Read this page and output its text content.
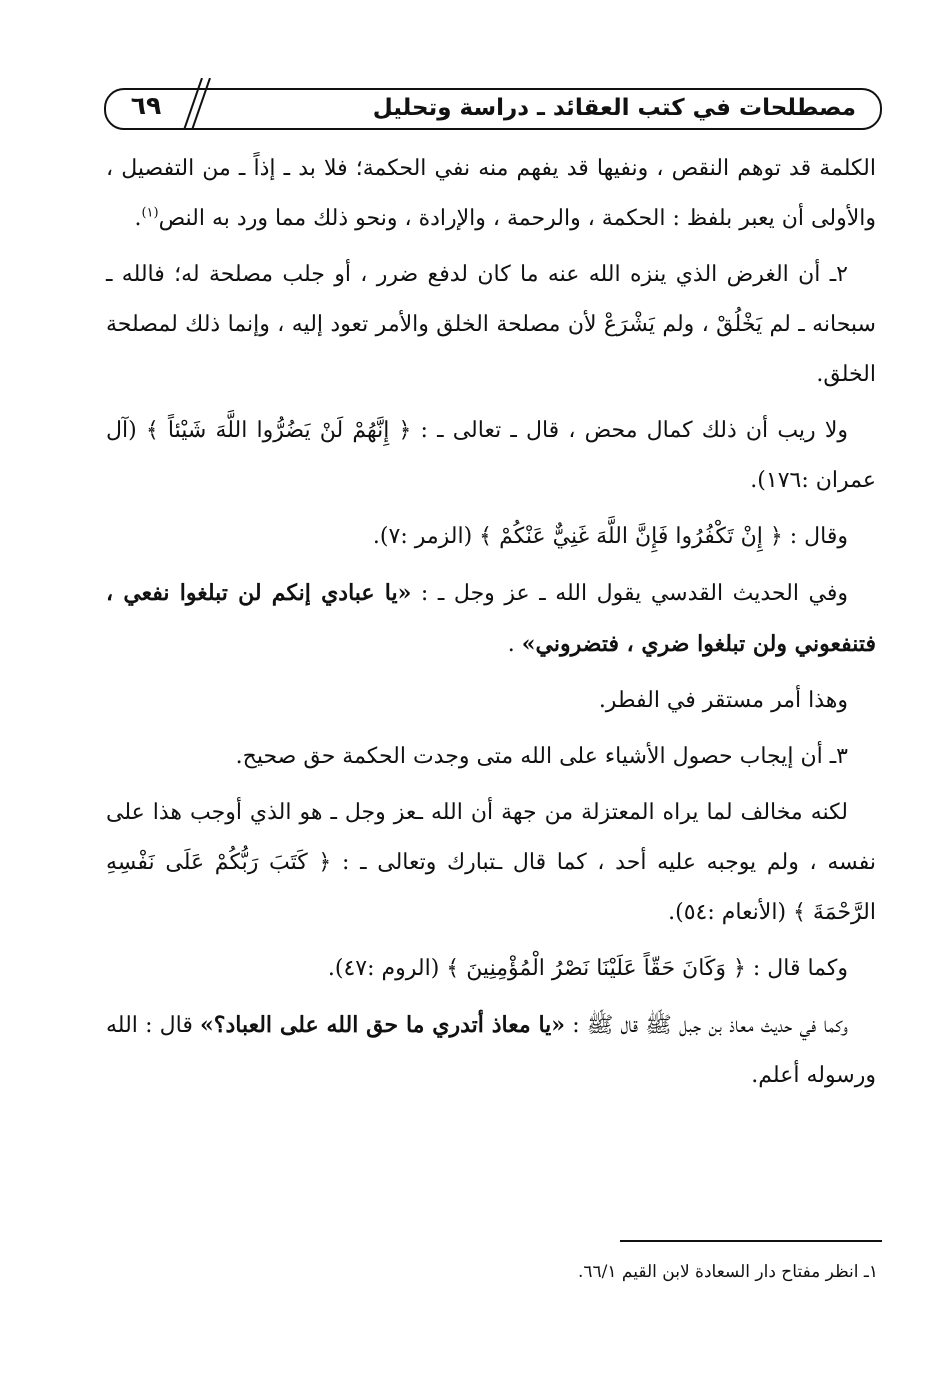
٦٩	مصطلحات في كتب العقائد ـ دراسة وتحليل

الكلمة قد توهم النقص ، ونفيها قد يفهم منه نفي الحكمة؛ فلا بد ـ إذاً ـ من التفصيل ، والأولى أن يعبر بلفظ : الحكمة ، والرحمة ، والإرادة ، ونحو ذلك مما ورد به النص$^{(١)}$.

٢ـ أن الغرض الذي ينزه الله عنه ما كان لدفع ضرر ، أو جلب مصلحة له؛ فالله ـ سبحانه ـ لم يَخْلُقْ ، ولم يَشْرَعْ لأن مصلحة الخلق والأمر تعود إليه ، وإنما ذلك لمصلحة الخلق.

ولا ريب أن ذلك كمال محض ، قال ـ تعالى ـ : ﴿ إِنَّهُمْ لَنْ يَضُرُّوا اللَّهَ شَيْئاً ﴾ (آل عمران :١٧٦).

وقال : ﴿ إِنْ تَكْفُرُوا فَإِنَّ اللَّهَ غَنِيٌّ عَنْكُمْ ﴾ (الزمر :٧).

وفي الحديث القدسي يقول الله ـ عز وجل ـ : «يا عبادي إنكم لن تبلغوا نفعي ، فتنفعوني ولن تبلغوا ضري ، فتضروني» .

وهذا أمر مستقر في الفطر.

٣ـ أن إيجاب حصول الأشياء على الله متى وجدت الحكمة حق صحيح.

لكنه مخالف لما يراه المعتزلة من جهة أن الله ـعز وجل ـ هو الذي أوجب هذا على نفسه ، ولم يوجبه عليه أحد ، كما قال ـتبارك وتعالى ـ : ﴿ كَتَبَ رَبُّكُمْ عَلَى نَفْسِهِ الرَّحْمَةَ ﴾ (الأنعام :٥٤).

وكما قال : ﴿ وَكَانَ حَقّاً عَلَيْنَا نَصْرُ الْمُؤْمِنِينَ ﴾ (الروم :٤٧).

وكما في حديث معاذ بن جبل ﷺ قال ﷺ : «يا معاذ أتدري ما حق الله على العباد؟» قال : الله ورسوله أعلم.

١ـ انظر مفتاح دار السعادة لابن القيم ٦٦/١.
